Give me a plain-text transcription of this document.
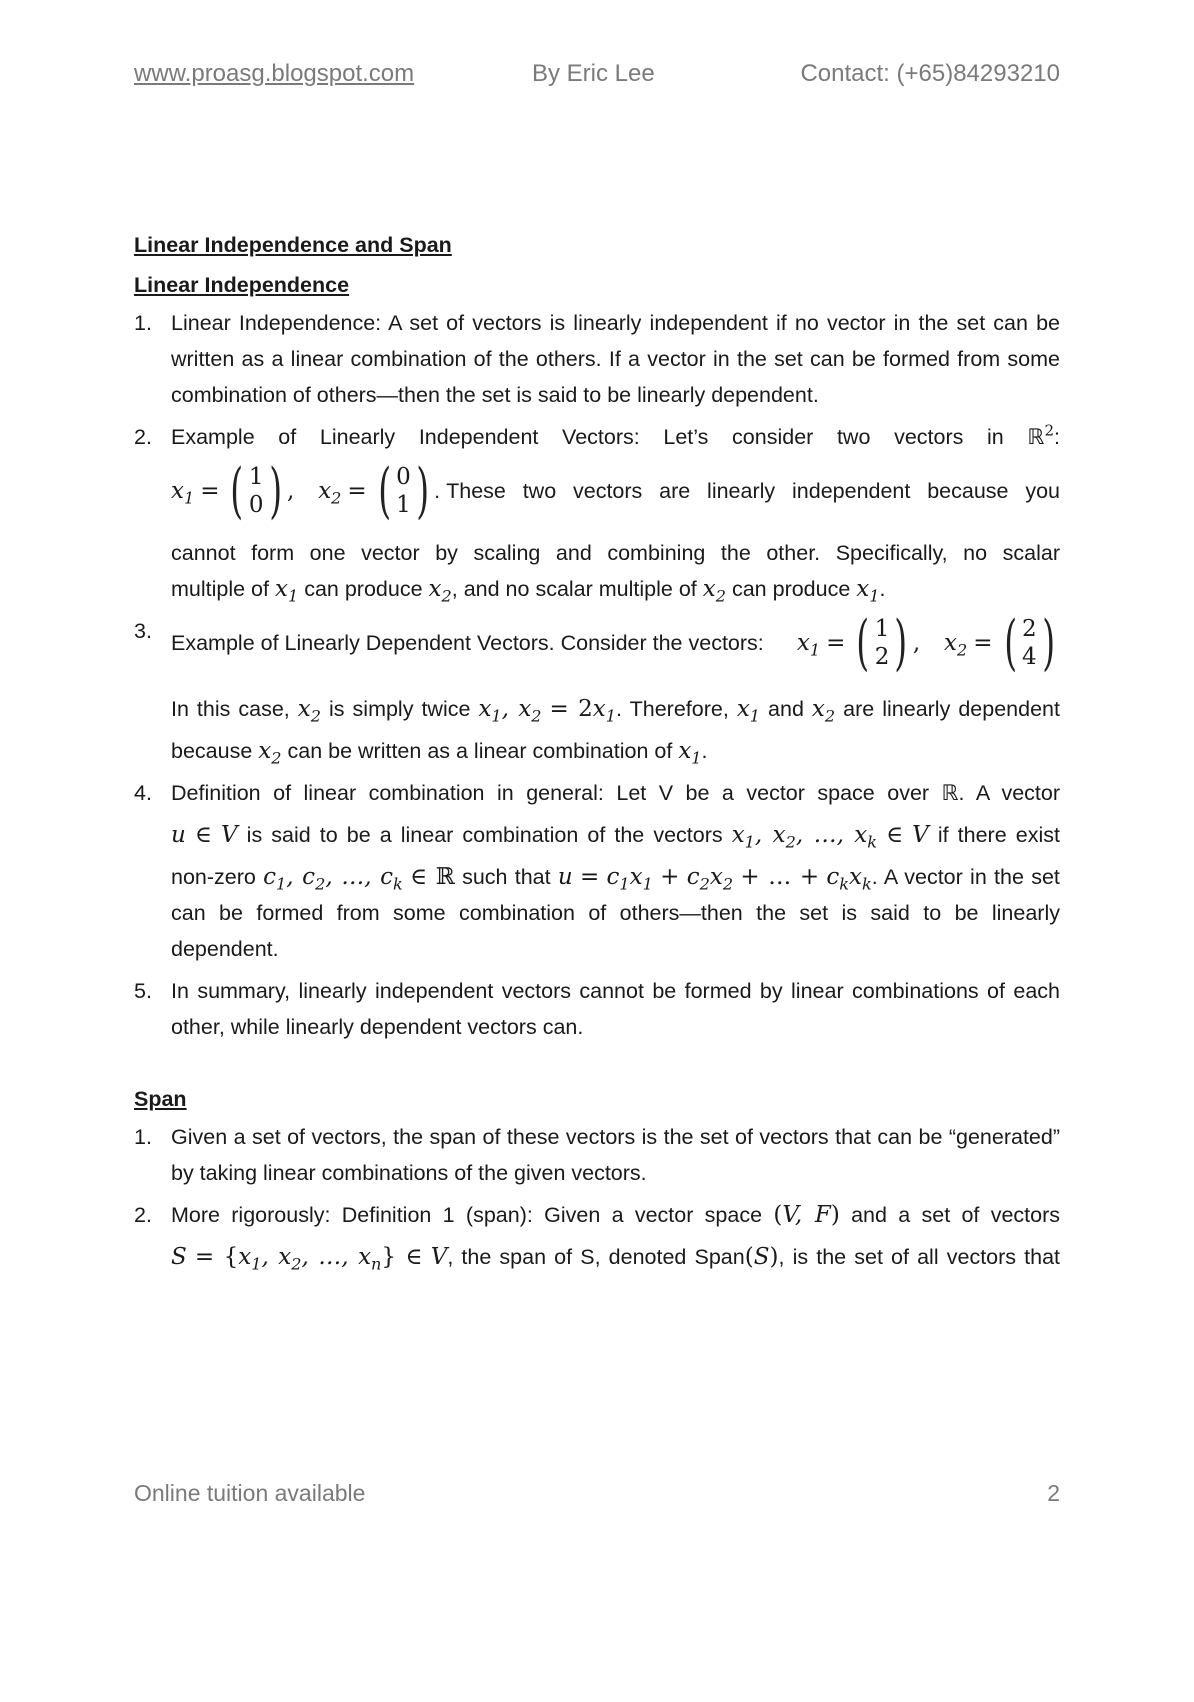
www.proasg.blogspot.com	By Eric Lee	Contact: (+65)84293210

Linear Independence and Span

Linear Independence

1. Linear Independence: A set of vectors is linearly independent if no vector in the set can be written as a linear combination of the others. If a vector in the set can be formed from some combination of others—then the set is said to be linearly dependent.
2. Example of Linearly Independent Vectors: Let’s consider two vectors in ℝ$^2$:
$x_1$
=
( 1
0 ) ,
$x_2$
=
( 0
1 ) . These two vectors are linearly independent because you
cannot form one vector by scaling and combining the other. Specifically, no scalar
multiple of $x_1$ can produce $x_2$, and no scalar multiple of $x_2$ can produce $x_1$.
3. Example of Linearly Dependent Vectors. Consider the vectors: $x_1$
=
( 1
2 ) ,
$x_2$
=
( 2
4 )
In this case, $x_2$ is simply twice $x_1$, $x_2 = 2x_1$. Therefore, $x_1$ and $x_2$ are linearly dependent
because $x_2$ can be written as a linear combination of $x_1$.
4. Definition of linear combination in general: Let V be a vector space over ℝ. A vector
u ∈ V is said to be a linear combination of the vectors $x_1$, $x_2$, …, $x_k$ ∈ V if there exist
non-zero $c_1$, $c_2$, …, $c_k$ ∈ ℝ such that $u = c_1x_1 + c_2x_2$ + … + $c_kx_k$. A vector in the set
can be formed from some combination of others—then the set is said to be linearly dependent.
5. In summary, linearly independent vectors cannot be formed by linear combinations of each other, while linearly dependent vectors can.

Span

1. Given a set of vectors, the span of these vectors is the set of vectors that can be “generated” by taking linear combinations of the given vectors.
2. More rigorously: Definition 1 (span): Given a vector space (V, F) and a set of vectors
$S = \{x_1$, $x_2$, …, $x_n$} ∈ V, the span of S, denoted Span(S), is the set of all vectors that
Online tuition available	2
